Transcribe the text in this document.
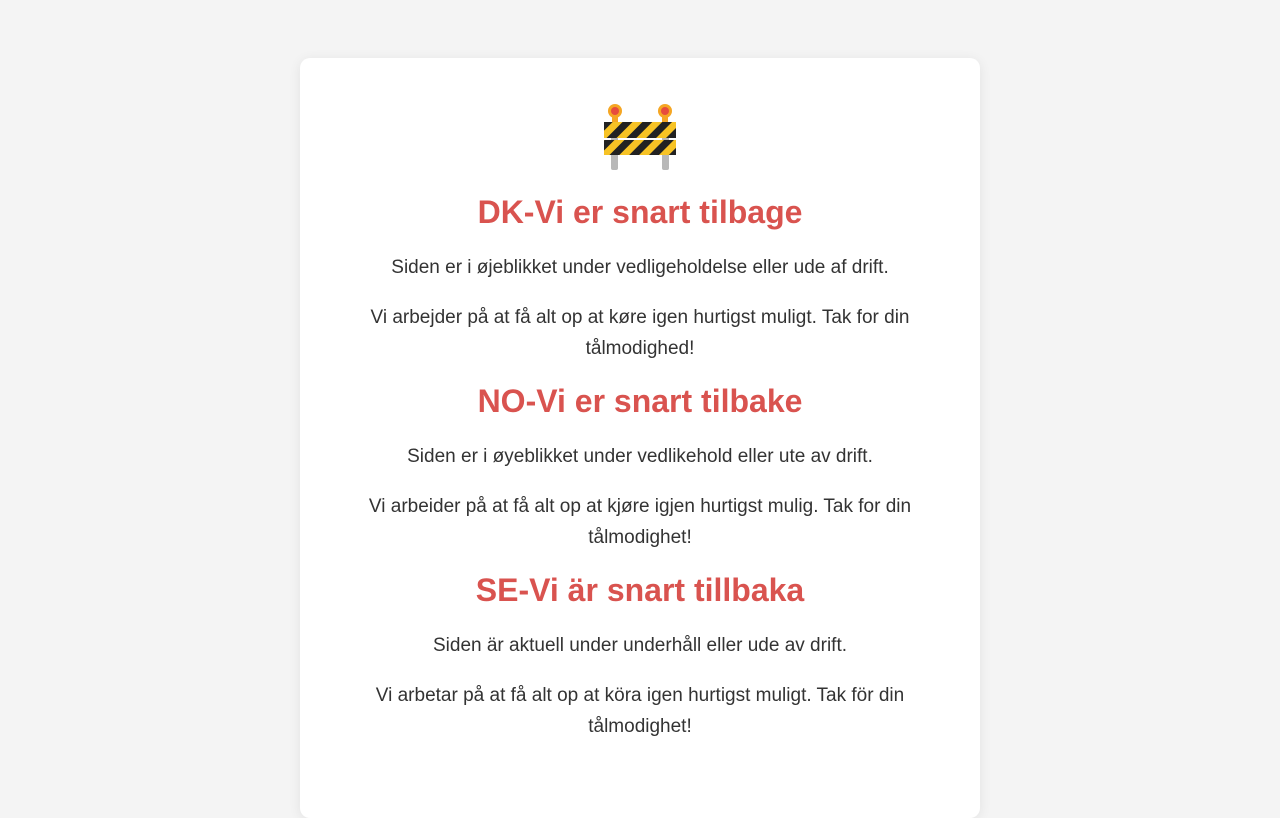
DK-Vi er snart tilbage

Siden er i øjeblikket under vedligeholdelse eller ude af drift.

Vi arbejder på at få alt op at køre igen hurtigst muligt. Tak for din tålmodighed!

NO-Vi er snart tilbake

Siden er i øyeblikket under vedlikehold eller ute av drift.

Vi arbeider på at få alt op at kjøre igjen hurtigst mulig. Tak for din tålmodighet!

SE-Vi är snart tillbaka

Siden är aktuell under underhåll eller ude av drift.

Vi arbetar på at få alt op at köra igen hurtigst muligt. Tak för din tålmodighet!
